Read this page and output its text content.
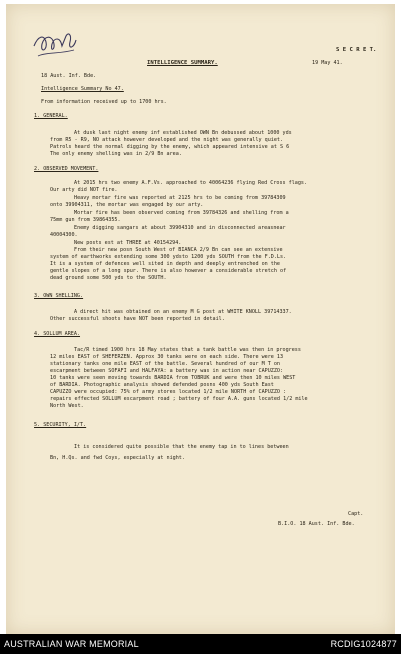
S E C R E T.
INTELLIGENCE SUMMARY.	19 May 41.
18 Aust. Inf. Bde.
Intelligence Summary No 47.
From information received up to 1700 hrs.
1. GENERAL.
At dusk last night enemy inf established OWN Bn debussed about 1000 yds
from R5 - R9, NO attack however developed and the night was generally quiet.
Patrols heard the normal digging by the enemy, which appeared intensive at S 6
The only enemy shelling was in 2/9 Bn area.
2. OBSERVED MOVEMENT.
At 2015 hrs two enemy A.F.Vs. approached to 40064236 flying Red Cross flags.
Our arty did NOT fire.
Heavy mortar fire was reported at 2125 hrs to be coming from 39784309
onto 39904311, the mortar was engaged by our arty.
Mortar fire has been observed coming from 39784326 and shelling from a
75mm gun from 39864355.
Enemy digging sangars at about 39904310 and in disconnected areasnear
40004300.
New posts est at THREE at 40154294.
From their new posn South West of BIANCA 2/9 Bn can see an extensive
system of earthworks extending some 300 ydsto 1200 yds SOUTH from the F.D.Ls.
It is a system of defences well sited in depth and deeply entrenched on the
gentle slopes of a long spur. There is also however a considerable stretch of
dead ground some 500 yds to the SOUTH.
3. OWN SHELLING.
A direct hit was obtained on an enemy M G post at WHITE KNOLL 39714337.
Other successful shoots have NOT been reported in detail.
4. SOLLUM AREA.
Tac/R timed 1900 hrs 18 May states that a tank battle was then in progress
12 miles EAST of SHEFERZEN. Approx 30 tanks were on each side. There were 13
stationary tanks one mile EAST of the battle. Several hundred of our M T on
escarpment between SOFAFI and HALFAYA: a battery was in action near CAPUZZO:
10 tanks were seen moving towards BARDIA from TOBRUK and were then 10 miles WEST
of BARDIA. Photographic analysis showed defended posns 400 yds South East
CAPUZZO were occupied: 75% of army stores located 1/2 mile NORTH of CAPUZZO :
repairs effected SOLLUM escarpment road ; battery of four A.A. guns located 1/2 mile
North West.
5. SECURITY, I/T.
It is considered quite possible that the enemy tap in to lines between
Bn, H.Qs. and fwd Coys, especially at night.
Capt.
B.I.O. 18 Aust. Inf. Bde.
AUSTRALIAN WAR MEMORIAL	RCDIG1024877
